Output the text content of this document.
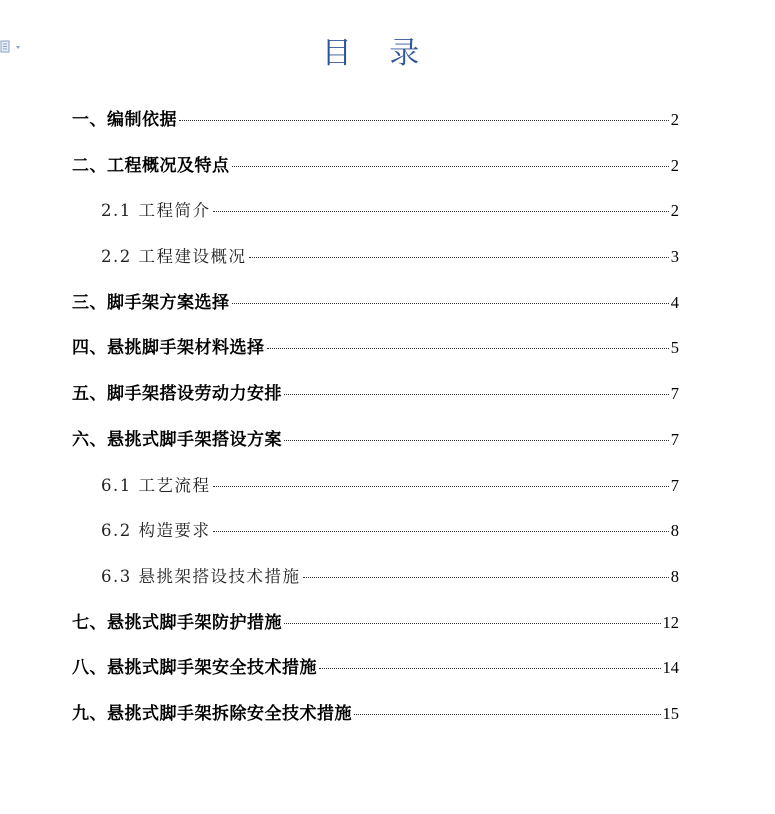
目 录
一、编制依据	2
二、工程概况及特点	2
2.1 工程简介	2
2.2 工程建设概况	3
三、脚手架方案选择	4
四、悬挑脚手架材料选择	5
五、脚手架搭设劳动力安排	7
六、悬挑式脚手架搭设方案	7
6.1 工艺流程	7
6.2 构造要求	8
6.3 悬挑架搭设技术措施	8
七、悬挑式脚手架防护措施	12
八、悬挑式脚手架安全技术措施	14
九、悬挑式脚手架拆除安全技术措施	15
